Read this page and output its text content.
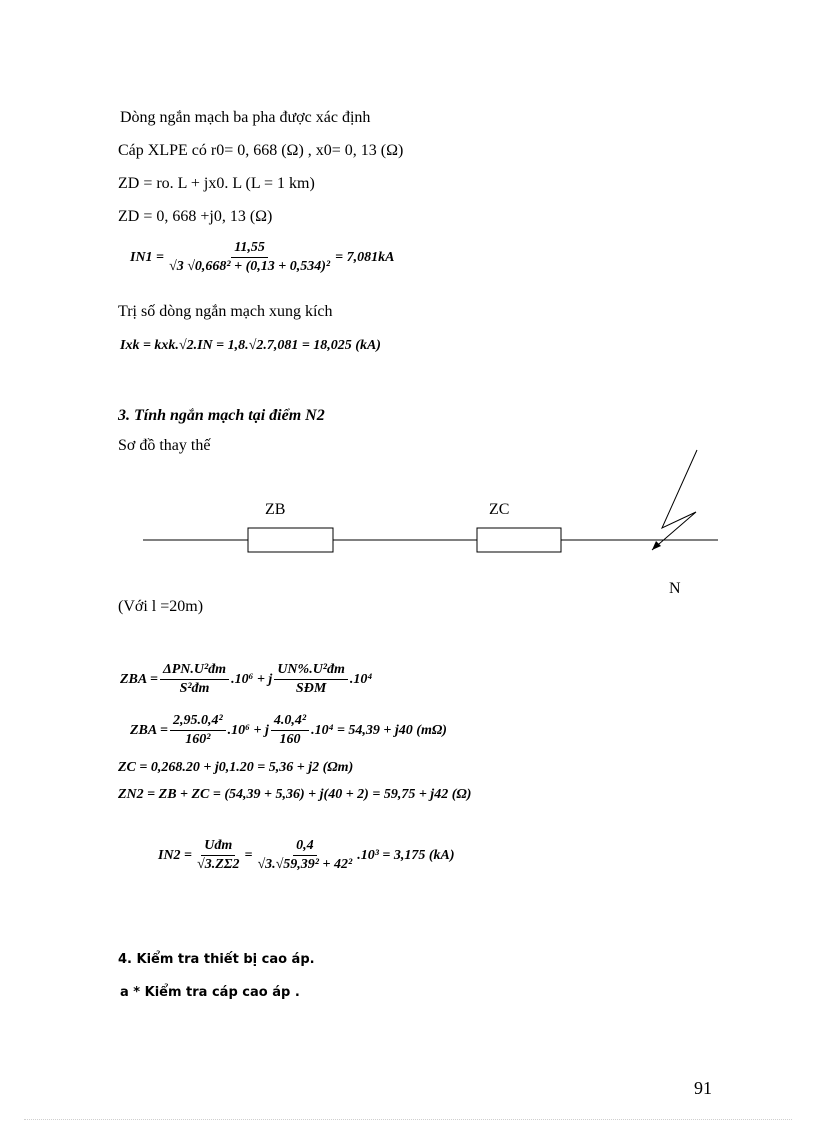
Dòng ngắn mạch ba pha được xác định
Cáp XLPE có r0= 0, 668 (Ω) , x0= 0, 13 (Ω)
ZD = ro. L + jx0. L (L = 1 km)
ZD = 0, 668 +j0, 13 (Ω)
$IN1 = \frac{11,55}{\text{√3 √0,668² + (0,13 + 0,534)²}} = 7,081kA$
Trị số dòng ngắn mạch xung kích
Ixk = kxk.√2.IN = 1,8.√2.7,081 = 18,025 (kA)
3. Tính ngắn mạch tại điểm N2
Sơ đồ thay thế
ZB	ZC
N
(Với l =20m)
ZBA = $\frac{\text{ΔPN.U²đm}}{\text{S²đm}} .10^6 + j \frac{\text{UN\%.U²đm}}{\text{SĐM}} .10^4$
ZBA = $\frac{\text{2,95.0,4²}}{\text{160²}} .10^6 + j \frac{\text{4.0,4²}}{160} .10^4 = 54,39 + j40$ (mΩ)
ZC = 0,268.20 + j0,1.20 = 5,36 + j2 (Ωm)
ZN2 = ZB + ZC = (54,39 + 5,36) + j(40 + 2) = 59,75 + j42 (Ω)
$IN2 = \frac{\text{Uđm}}{√3.Z\Sigma 2} = \frac{0,4}{\text{√3.√59,39² + 42²}} .10^3 = 3,175$ (kA)
4. Kiểm tra thiết bị cao áp.
a * Kiểm tra cáp cao áp .
91
